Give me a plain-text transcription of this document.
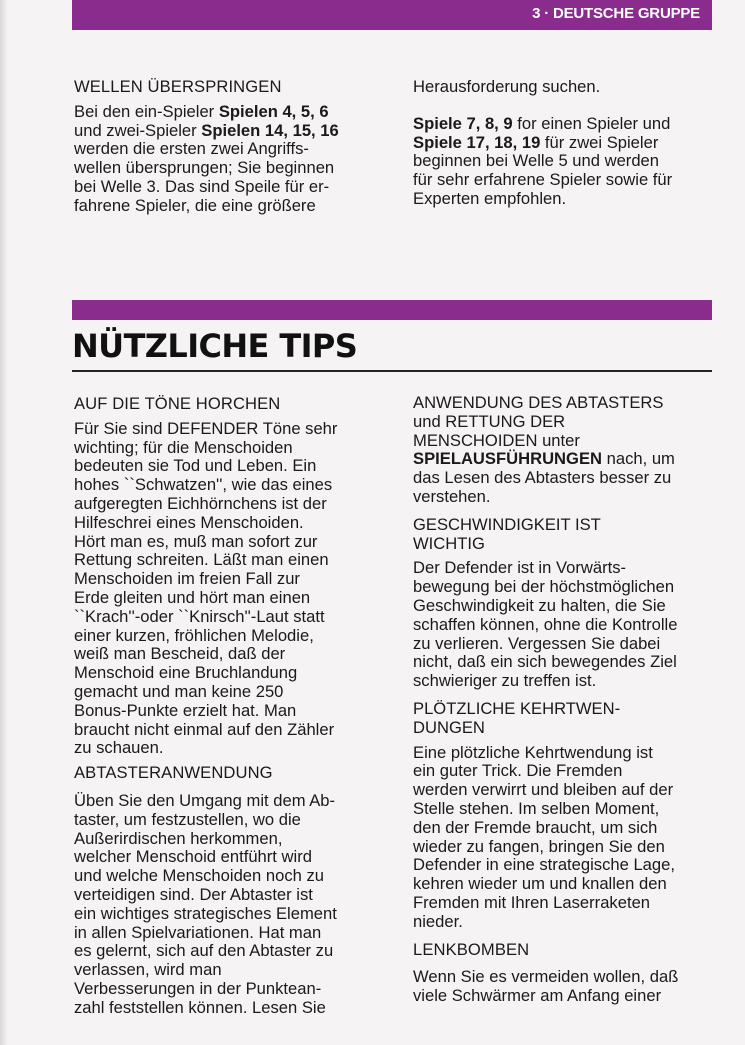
3 · DEUTSCHE GRUPPE
WELLEN ÜBERSPRINGEN
Bei den ein-Spieler Spielen 4, 5, 6
und zwei-Spieler Spielen 14, 15, 16
werden die ersten zwei Angriffs-
wellen übersprungen; Sie beginnen
bei Welle 3. Das sind Speile für er-
fahrene Spieler, die eine größere

Herausforderung suchen.

Spiele 7, 8, 9 for einen Spieler und
Spiele 17, 18, 19 für zwei Spieler
beginnen bei Welle 5 und werden
für sehr erfahrene Spieler sowie für
Experten empfohlen.
NÜTZLICHE TIPS
AUF DIE TÖNE HORCHEN
Für Sie sind DEFENDER Töne sehr
wichting; für die Menschoiden
bedeuten sie Tod und Leben. Ein
hohes ``Schwatzen'', wie das eines
aufgeregten Eichhörnchens ist der
Hilfeschrei eines Menschoiden.
Hört man es, muß man sofort zur
Rettung schreiten. Läßt man einen
Menschoiden im freien Fall zur
Erde gleiten und hört man einen
``Krach''-oder ``Knirsch''-Laut statt
einer kurzen, fröhlichen Melodie,
weiß man Bescheid, daß der
Menschoid eine Bruchlandung
gemacht und man keine 250
Bonus-Punkte erzielt hat. Man
braucht nicht einmal auf den Zähler
zu schauen.
ABTASTERANWENDUNG
Üben Sie den Umgang mit dem Ab-
taster, um festzustellen, wo die
Außerirdischen herkommen,
welcher Menschoid entführt wird
und welche Menschoiden noch zu
verteidigen sind. Der Abtaster ist
ein wichtiges strategisches Element
in allen Spielvariationen. Hat man
es gelernt, sich auf den Abtaster zu
verlassen, wird man
Verbesserungen in der Punktean-
zahl feststellen können. Lesen Sie
ANWENDUNG DES ABTASTERS
und RETTUNG DER
MENSCHOIDEN unter
SPIELAUSFÜHRUNGEN nach, um
das Lesen des Abtasters besser zu
verstehen.
GESCHWINDIGKEIT IST
WICHTIG
Der Defender ist in Vorwärts-
bewegung bei der höchstmöglichen
Geschwindigkeit zu halten, die Sie
schaffen können, ohne die Kontrolle
zu verlieren. Vergessen Sie dabei
nicht, daß ein sich bewegendes Ziel
schwieriger zu treffen ist.
PLÖTZLICHE KEHRTWEN-
DUNGEN
Eine plötzliche Kehrtwendung ist
ein guter Trick. Die Fremden
werden verwirrt und bleiben auf der
Stelle stehen. Im selben Moment,
den der Fremde braucht, um sich
wieder zu fangen, bringen Sie den
Defender in eine strategische Lage,
kehren wieder um und knallen den
Fremden mit Ihren Laserraketen
nieder.
LENKBOMBEN
Wenn Sie es vermeiden wollen, daß
viele Schwärmer am Anfang einer
